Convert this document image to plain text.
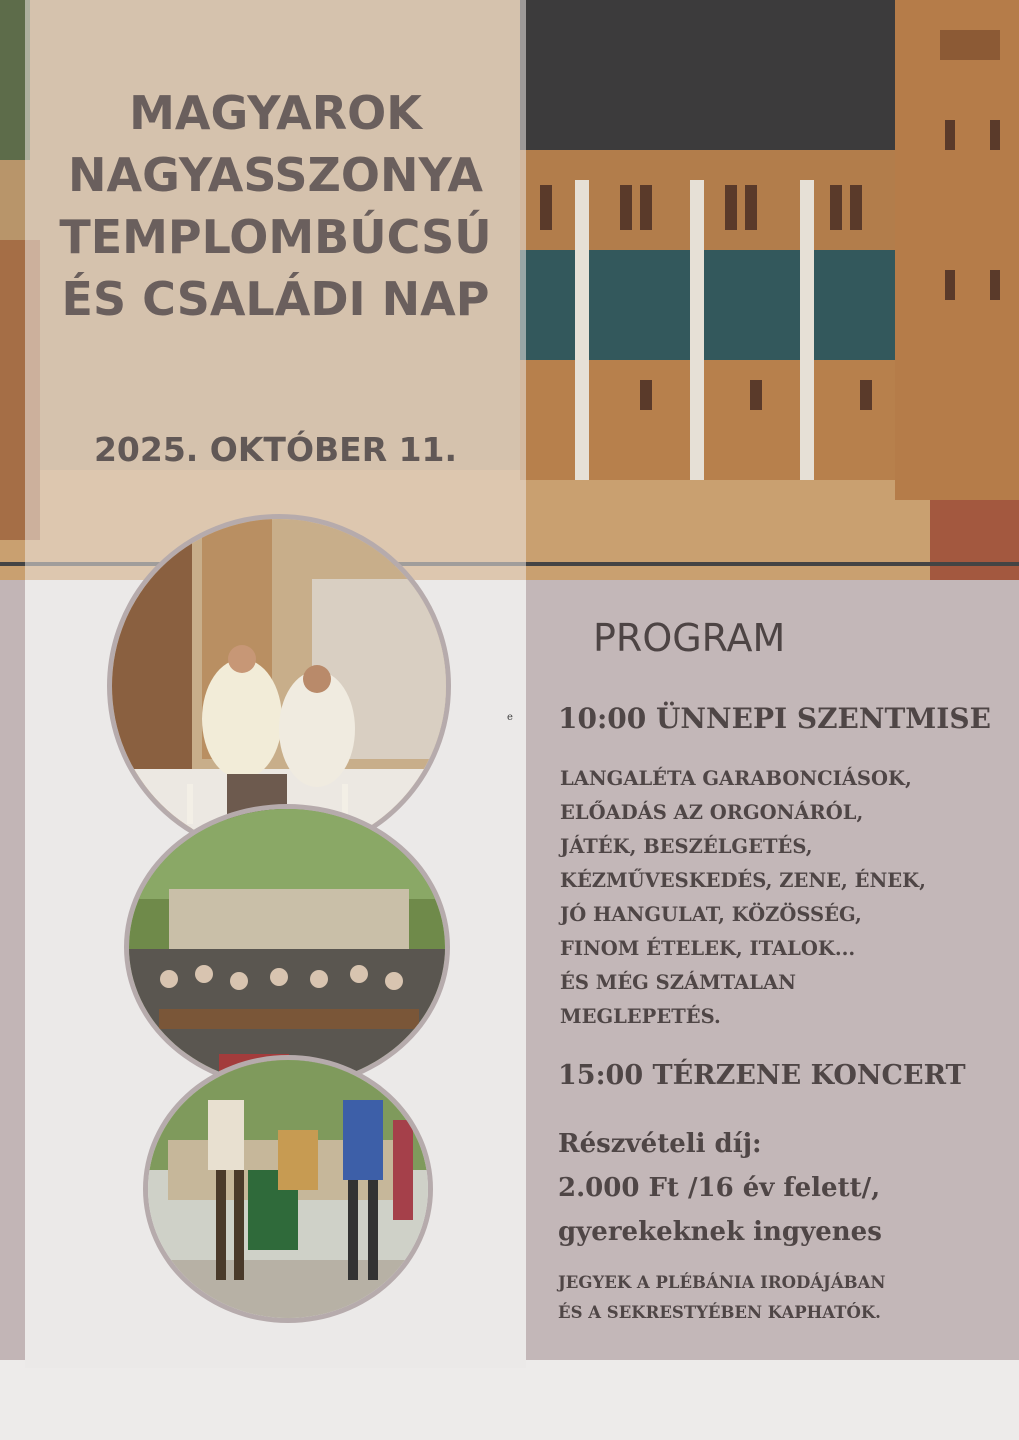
MAGYAROK
NAGYASSZONYA
TEMPLOMBÚCSÚ
ÉS CSALÁDI NAP
2025. OKTÓBER 11.
PROGRAM
e 10:00 ÜNNEPI SZENTMISE
LANGALÉTA GARABONCIÁSOK,
ELŐADÁS AZ ORGONÁRÓL,
JÁTÉK, BESZÉLGETÉS,
KÉZMŰVESKEDÉS, ZENE, ÉNEK,
JÓ HANGULAT, KÖZÖSSÉG,
FINOM ÉTELEK, ITALOK...
ÉS MÉG SZÁMTALAN
MEGLEPETÉS.
15:00 TÉRZENE KONCERT
Részvételi díj:
2.000 Ft /16 év felett/,
gyerekeknek ingyenes
JEGYEK A PLÉBÁNIA IRODÁJÁBAN
ÉS A SEKRESTYÉBEN KAPHATÓK.
